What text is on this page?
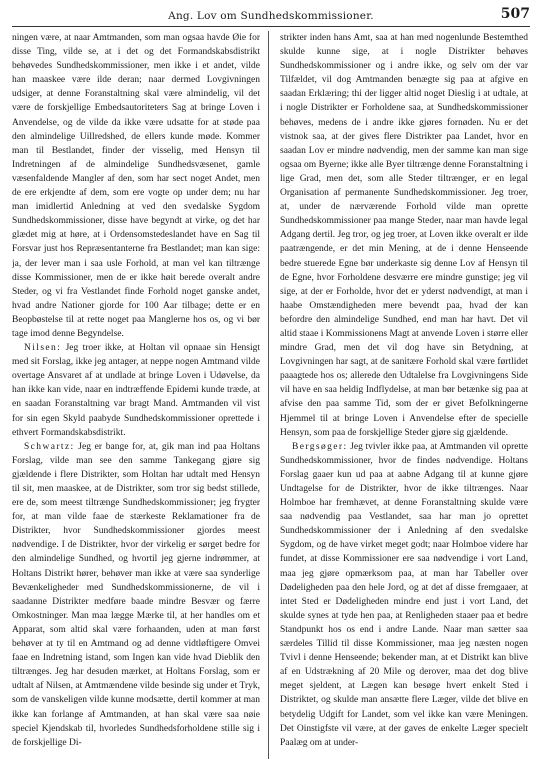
Ang. Lov om Sundhedskommissioner.	507

ningen være, at naar Amtmanden, som man ogsaa havde Øie for disse Ting, vilde se, at i det og det Formandskabsdistrikt behøvedes Sundhedskommissioner, men ikke i et andet, vilde han maaskee være ilde deran; naar dermed Lovgivningen udsiger, at denne Foranstaltning skal være almindelig, vil det være de forskjellige Embedsautoriteters Sag at bringe Loven i Anvendelse, og de vilde da ikke være udsatte for at støde paa den almindelige Uillredshed, de ellers kunde møde. Kommer man til Bestlandet, finder der visselig, med Hensyn til Indretningen af de almindelige Sundhedsvæsenet, gamle væsenfaldende Mangler af den, som har sect noget Andet, men de ere erkjendte af dem, som ere vogte op under dem; nu har man imidlertid Anledning at ved den svedalske Sygdom Sundhedskommissioner, disse have begyndt at virke, og det har glædet mig at høre, at i Ordensomstedeslandet have en Sag til Forsvar just hos Repræsentanterne fra Bestlandet; man kan sige: ja, der lever man i saa usle Forhold, at man vel kan tiltrænge disse Kommissioner, men de er ikke høit berede overalt andre Steder, og vi fra Vestlandet finde Forhold noget ganske andet, hvad andre Nationer gjorde for 100 Aar tilbage; dette er en Beopbøstelse til at rette noget paa Manglerne hos os, og vi bør tage imod denne Begyndelse.

Nilsen: Jeg troer ikke, at Holtan vil opnaae sin Hensigt med sit Forslag, ikke jeg antager, at neppe nogen Amtmand vilde overtage Ansvaret af at undlade at bringe Loven i Udøvelse, da han ikke kan vide, naar en indtræffende Epidemi kunde træde, at en saadan Foranstaltning var bragt Mand. Amtmanden vil vist for sin egen Skyld paabyde Sundhedskommissioner oprettede i ethvert Formandskabsdistrikt.

Schwartz: Jeg er bange for, at, gik man ind paa Holtans Forslag, vilde man see den samme Tankegang gjøre sig gjældende i flere Distrikter, som Holtan har udtalt med Hensyn til sit, men maaskee, at de Distrikter, som tror sig bedst stillede, ere de, som meest tiltrænge Sundhedskommissioner; jeg frygter for, at man vilde faae de stærkeste Reklamationer fra de Distrikter, hvor Sundhedskommissioner gjordes meest nødvendige. I de Distrikter, hvor der virkelig er sørget bedre for den almindelige Sundhed, og hvortil jeg gjerne indrømmer, at Holtans Distrikt hører, behøver man ikke at være saa synderlige Bevænkeligheder med Sundhedskommissionerne, de vil i saadanne Distrikter medføre baade mindre Besvær og færre Omkostninger. Man maa lægge Mærke til, at her handles om et Apparat, som altid skal være forhaanden, uden at man først behøver at ty til en Amtmand og ad denne vidtløftigere Omvei faae en Indretning istand, som Ingen kan vide hvad Dieblik den tiltrænges. Jeg har desuden mærket, at Holtans Forslag, som er udtalt af Nilsen, at Amtmændene vilde besinde sig under et Tryk, som de vanskeligen vilde kunne modsætte, dertil kommer at man ikke kan forlange af Amtmanden, at han skal være saa nøie speciel Kjendskab til, hvorledes Sundhedsforholdene stille sig i de forskjellige Di-

strikter inden hans Amt, saa at han med nogenlunde Bestemthed skulde kunne sige, at i nogle Distrikter behøves Sundhedskommissioner og i andre ikke, og selv om der var Tilfældet, vil dog Amtmanden benægte sig paa at afgive en saadan Erklæring; thi der ligger altid noget Dieslig i at udtale, at i nogle Distrikter er Forholdene saa, at Sundhedskommissioner behøves, medens de i andre ikke gjøres fornøden. Nu er det vistnok saa, at der gives flere Distrikter paa Landet, hvor en saadan Lov er mindre nødvendig, men der samme kan man sige ogsaa om Byerne; ikke alle Byer tiltrænge denne Foranstaltning i lige Grad, men det, som alle Steder tiltrænger, er en legal Organisation af permanente Sundhedskommissioner. Jeg troer, at, under de nærværende Forhold vilde man oprette Sundhedskommissioner paa mange Steder, naar man havde legal Adgang dertil. Jeg tror, og jeg troer, at Loven ikke overalt er ilde paatrængende, er det min Mening, at de i denne Henseende bedre stuerede Egne bør underkaste sig denne Lov af Hensyn til de Egne, hvor Forholdene desværre ere mindre gunstige; jeg vil sige, at der er Forholde, hvor det er yderst nødvendigt, at man i haabe Omstændigheden mere bevendt paa, hvad der kan befordre den almindelige Sundhed, end man har havt. Det vil altid staae i Kommissionens Magt at anvende Loven i større eller mindre Grad, men det vil dog have sin Betydning, at Lovgivningen har sagt, at de sanitære Forhold skal være førtlidet paaagtede hos os; allerede den Udtalelse fra Lovgivningens Side vil have en saa heldig Indflydelse, at man bør betænke sig paa at afvise den paa samme Tid, som der er givet Befolkningerne Hjemmel til at bringe Loven i Anvendelse efter de specielle Hensyn, som paa de forskjellige Steder gjøre sig gjældende.

Bergsøger: Jeg tvivler ikke paa, at Amtmanden vil oprette Sundhedskommissioner, hvor de findes nødvendige. Holtans Forslag gaaer kun ud paa at aabne Adgang til at kunne gjøre Undtagelse for de Distrikter, hvor de ikke tiltrænges. Naar Holmboe har fremhævet, at denne Foranstaltning skulde være saa nødvendig paa Vestlandet, saa har man jo oprettet Sundhedskommissioner der i Anledning af den svedalske Sygdom, og de have virket meget godt; naar Holmboe videre har fundet, at disse Kommissioner ere saa nødvendige i vort Land, maa jeg gjøre opmærksom paa, at man har Tabeller over Dødeligheden paa den hele Jord, og at det af disse fremgaaer, at intet Sted er Dødeligheden mindre end just i vort Land, det skulde synes at tyde hen paa, at Renligheden staaer paa et bedre Standpunkt hos os end i andre Lande. Naar man sætter saa særdeles Tillid til disse Kommissioner, maa jeg næsten nogen Tvivl i denne Henseende; bekender man, at et Distrikt kan blive af en Udstrækning af 20 Mile og derover, maa det dog blive meget sjeldent, at Lægen kan besøge hvert enkelt Sted i Distriktet, og skulde man ansætte flere Læger, vilde det blive en betydelig Udgift for Landet, som vel ikke kan være Meningen. Det Oinstigfste vil være, at der gaves de enkelte Læger specielt Paalæg om at under-
